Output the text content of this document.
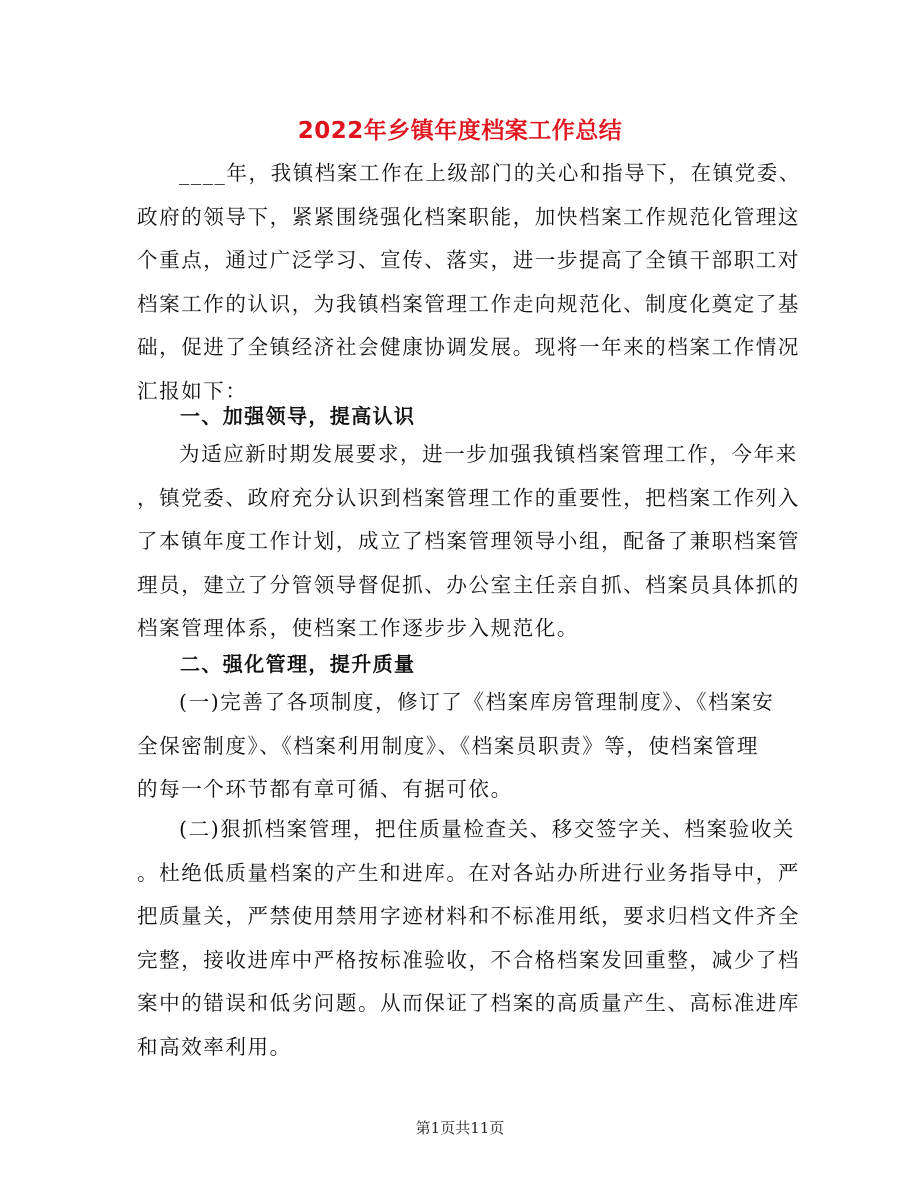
2022年乡镇年度档案工作总结
____年，我镇档案工作在上级部门的关心和指导下，在镇党委、
政府的领导下，紧紧围绕强化档案职能，加快档案工作规范化管理这
个重点，通过广泛学习、宣传、落实，进一步提高了全镇干部职工对
档案工作的认识，为我镇档案管理工作走向规范化、制度化奠定了基
础，促进了全镇经济社会健康协调发展。现将一年来的档案工作情况
汇报如下：
一、加强领导，提高认识
为适应新时期发展要求，进一步加强我镇档案管理工作，今年来
，镇党委、政府充分认识到档案管理工作的重要性，把档案工作列入
了本镇年度工作计划，成立了档案管理领导小组，配备了兼职档案管
理员，建立了分管领导督促抓、办公室主任亲自抓、档案员具体抓的
档案管理体系，使档案工作逐步步入规范化。
二、强化管理，提升质量
(一)完善了各项制度，修订了《档案库房管理制度》、《档案安
全保密制度》、《档案利用制度》、《档案员职责》等，使档案管理
的每一个环节都有章可循、有据可依。
(二)狠抓档案管理，把住质量检查关、移交签字关、档案验收关
。杜绝低质量档案的产生和进库。在对各站办所进行业务指导中，严
把质量关，严禁使用禁用字迹材料和不标准用纸，要求归档文件齐全
完整，接收进库中严格按标准验收，不合格档案发回重整，减少了档
案中的错误和低劣问题。从而保证了档案的高质量产生、高标准进库
和高效率利用。
第1页共11页
